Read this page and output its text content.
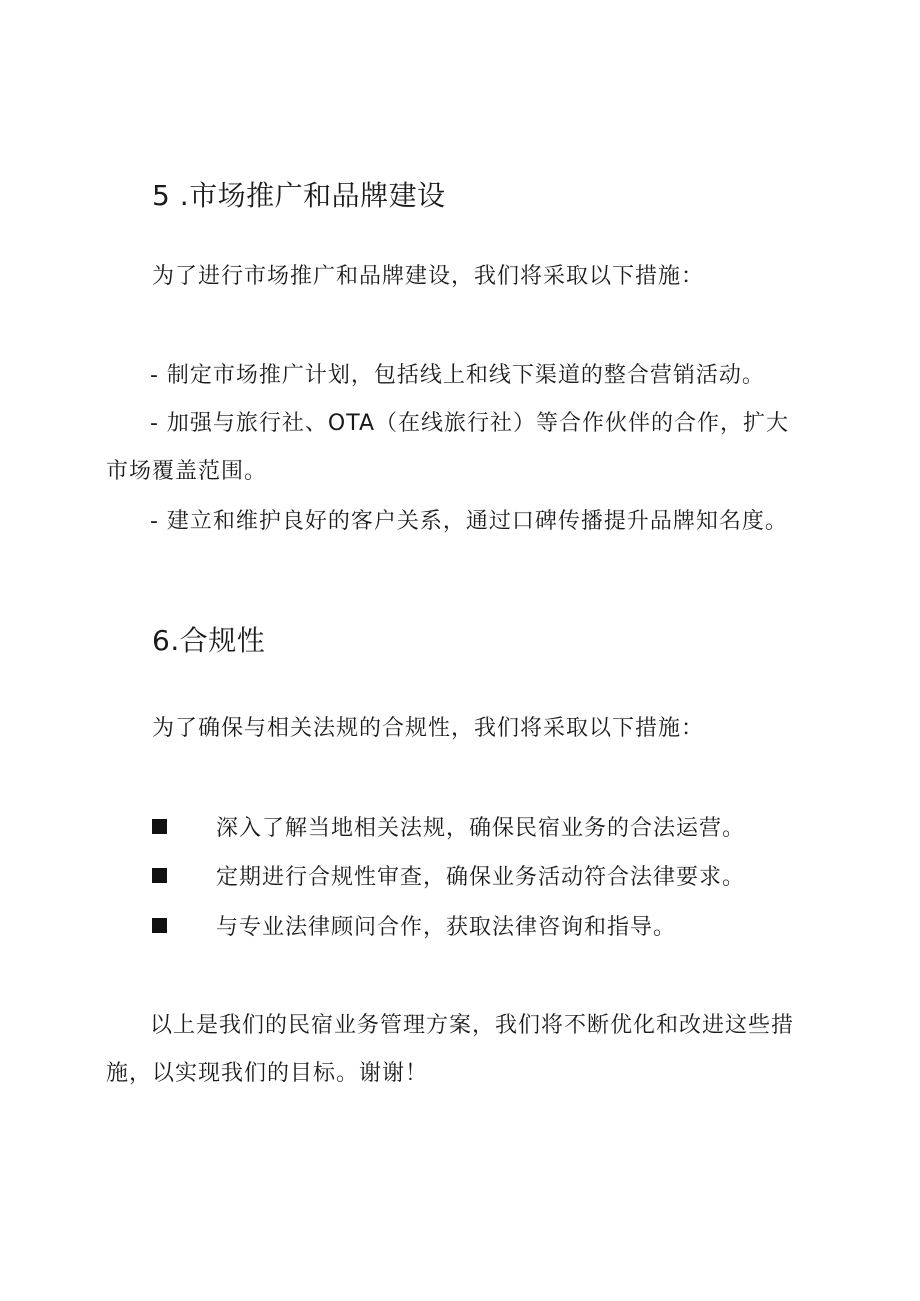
5 .市场推广和品牌建设
为了进行市场推广和品牌建设，我们将采取以下措施：
- 制定市场推广计划，包括线上和线下渠道的整合营销活动。
- 加强与旅行社、OTA（在线旅行社）等合作伙伴的合作，扩大市场覆盖范围。
- 建立和维护良好的客户关系，通过口碑传播提升品牌知名度。
6.合规性
为了确保与相关法规的合规性，我们将采取以下措施：
深入了解当地相关法规，确保民宿业务的合法运营。
定期进行合规性审查，确保业务活动符合法律要求。
与专业法律顾问合作，获取法律咨询和指导。
以上是我们的民宿业务管理方案，我们将不断优化和改进这些措施，以实现我们的目标。谢谢！
